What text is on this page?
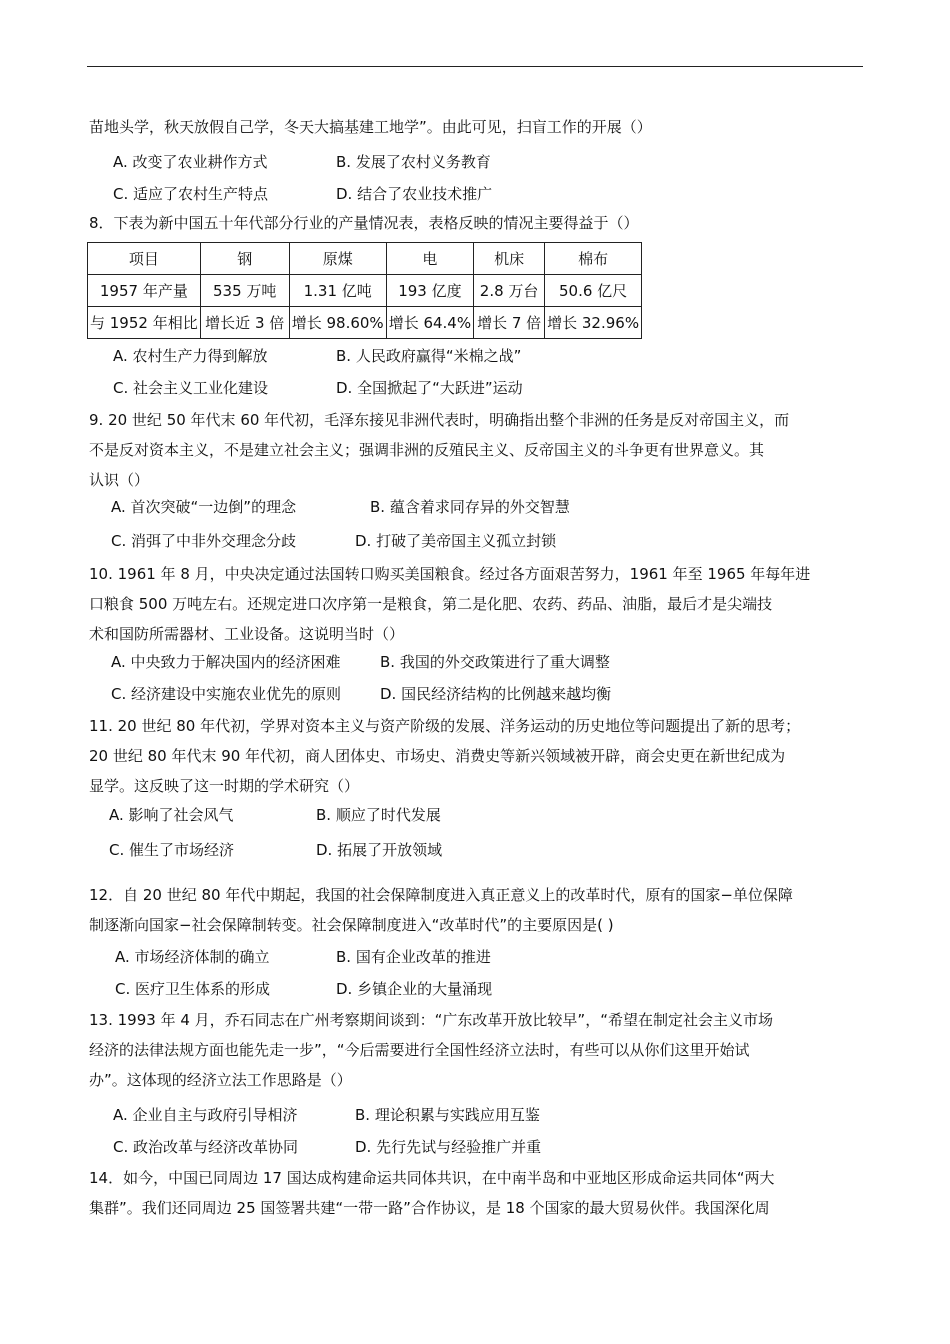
苗地头学，秋天放假自己学，冬天大搞基建工地学”。由此可见，扫盲工作的开展（）
A. 改变了农业耕作方式	B. 发展了农村义务教育
C. 适应了农村生产特点	D. 结合了农业技术推广
8．下表为新中国五十年代部分行业的产量情况表，表格反映的情况主要得益于（）
项目	钢	原煤	电	机床	棉布
1957 年产量	535 万吨	1.31 亿吨	193 亿度	2.8 万台	50.6 亿尺
与 1952 年相比	增长近 3 倍	增长 98.60%	增长 64.4%	增长 7 倍	增长 32.96%
A. 农村生产力得到解放	B. 人民政府赢得“米棉之战”
C. 社会主义工业化建设	D. 全国掀起了“大跃进”运动
9. 20 世纪 50 年代末 60 年代初，毛泽东接见非洲代表时，明确指出整个非洲的任务是反对帝国主义，而
不是反对资本主义，不是建立社会主义；强调非洲的反殖民主义、反帝国主义的斗争更有世界意义。其
认识（）
A. 首次突破“一边倒”的理念	B. 蕴含着求同存异的外交智慧
C. 消弭了中非外交理念分歧	D. 打破了美帝国主义孤立封锁
10. 1961 年 8 月，中央决定通过法国转口购买美国粮食。经过各方面艰苦努力，1961 年至 1965 年每年进
口粮食 500 万吨左右。还规定进口次序第一是粮食，第二是化肥、农药、药品、油脂，最后才是尖端技
术和国防所需器材、工业设备。这说明当时（）
A. 中央致力于解决国内的经济困难	B. 我国的外交政策进行了重大调整
C. 经济建设中实施农业优先的原则	D. 国民经济结构的比例越来越均衡
11. 20 世纪 80 年代初，学界对资本主义与资产阶级的发展、洋务运动的历史地位等问题提出了新的思考；
20 世纪 80 年代末 90 年代初，商人团体史、市场史、消费史等新兴领域被开辟，商会史更在新世纪成为
显学。这反映了这一时期的学术研究（）
A. 影响了社会风气	B. 顺应了时代发展
C. 催生了市场经济	D. 拓展了开放领域
12．自 20 世纪 80 年代中期起，我国的社会保障制度进入真正意义上的改革时代，原有的国家−单位保障
制逐渐向国家−社会保障制转变。社会保障制度进入“改革时代”的主要原因是( )
A. 市场经济体制的确立	B. 国有企业改革的推进
C. 医疗卫生体系的形成	D. 乡镇企业的大量涌现
13. 1993 年 4 月，乔石同志在广州考察期间谈到：“广东改革开放比较早”，“希望在制定社会主义市场
经济的法律法规方面也能先走一步”，“今后需要进行全国性经济立法时，有些可以从你们这里开始试
办”。这体现的经济立法工作思路是（）
A. 企业自主与政府引导相济	B. 理论积累与实践应用互鉴
C. 政治改革与经济改革协同	D. 先行先试与经验推广并重
14．如今，中国已同周边 17 国达成构建命运共同体共识，在中南半岛和中亚地区形成命运共同体“两大
集群”。我们还同周边 25 国签署共建“一带一路”合作协议，是 18 个国家的最大贸易伙伴。我国深化周
